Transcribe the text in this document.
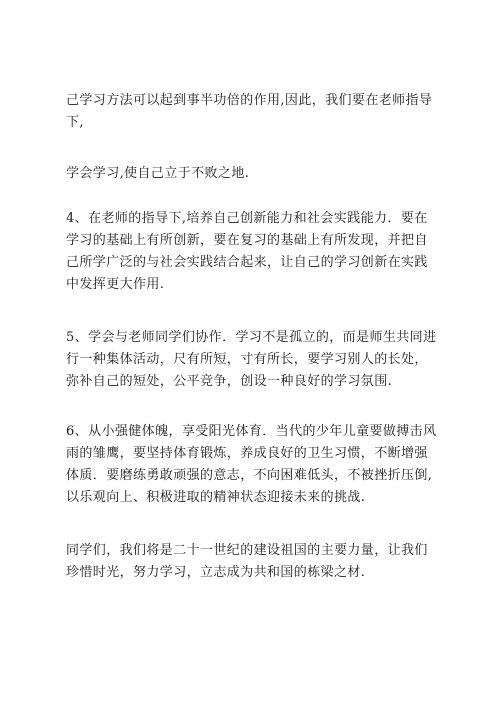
己学习方法可以起到事半功倍的作用,因此，我们要在老师指导
下,

学会学习,使自己立于不败之地.

4、在老师的指导下,培养自己创新能力和社会实践能力．要在
学习的基础上有所创新，要在复习的基础上有所发现，并把自
己所学广泛的与社会实践结合起来，让自己的学习创新在实践
中发挥更大作用.

5、学会与老师同学们协作．学习不是孤立的，而是师生共同进
行一种集体活动，尺有所短，寸有所长，要学习别人的长处，
弥补自己的短处，公平竞争，创设一种良好的学习氛围.

6、从小强健体魄，享受阳光体育．当代的少年儿童要做搏击风
雨的雏鹰，要坚持体育锻炼，养成良好的卫生习惯，不断增强
体质．要磨练勇敢顽强的意志，不向困难低头，不被挫折压倒,
以乐观向上、积极进取的精神状态迎接未来的挑战.

同学们，我们将是二十一世纪的建设祖国的主要力量，让我们
珍惜时光，努力学习，立志成为共和国的栋梁之材.
